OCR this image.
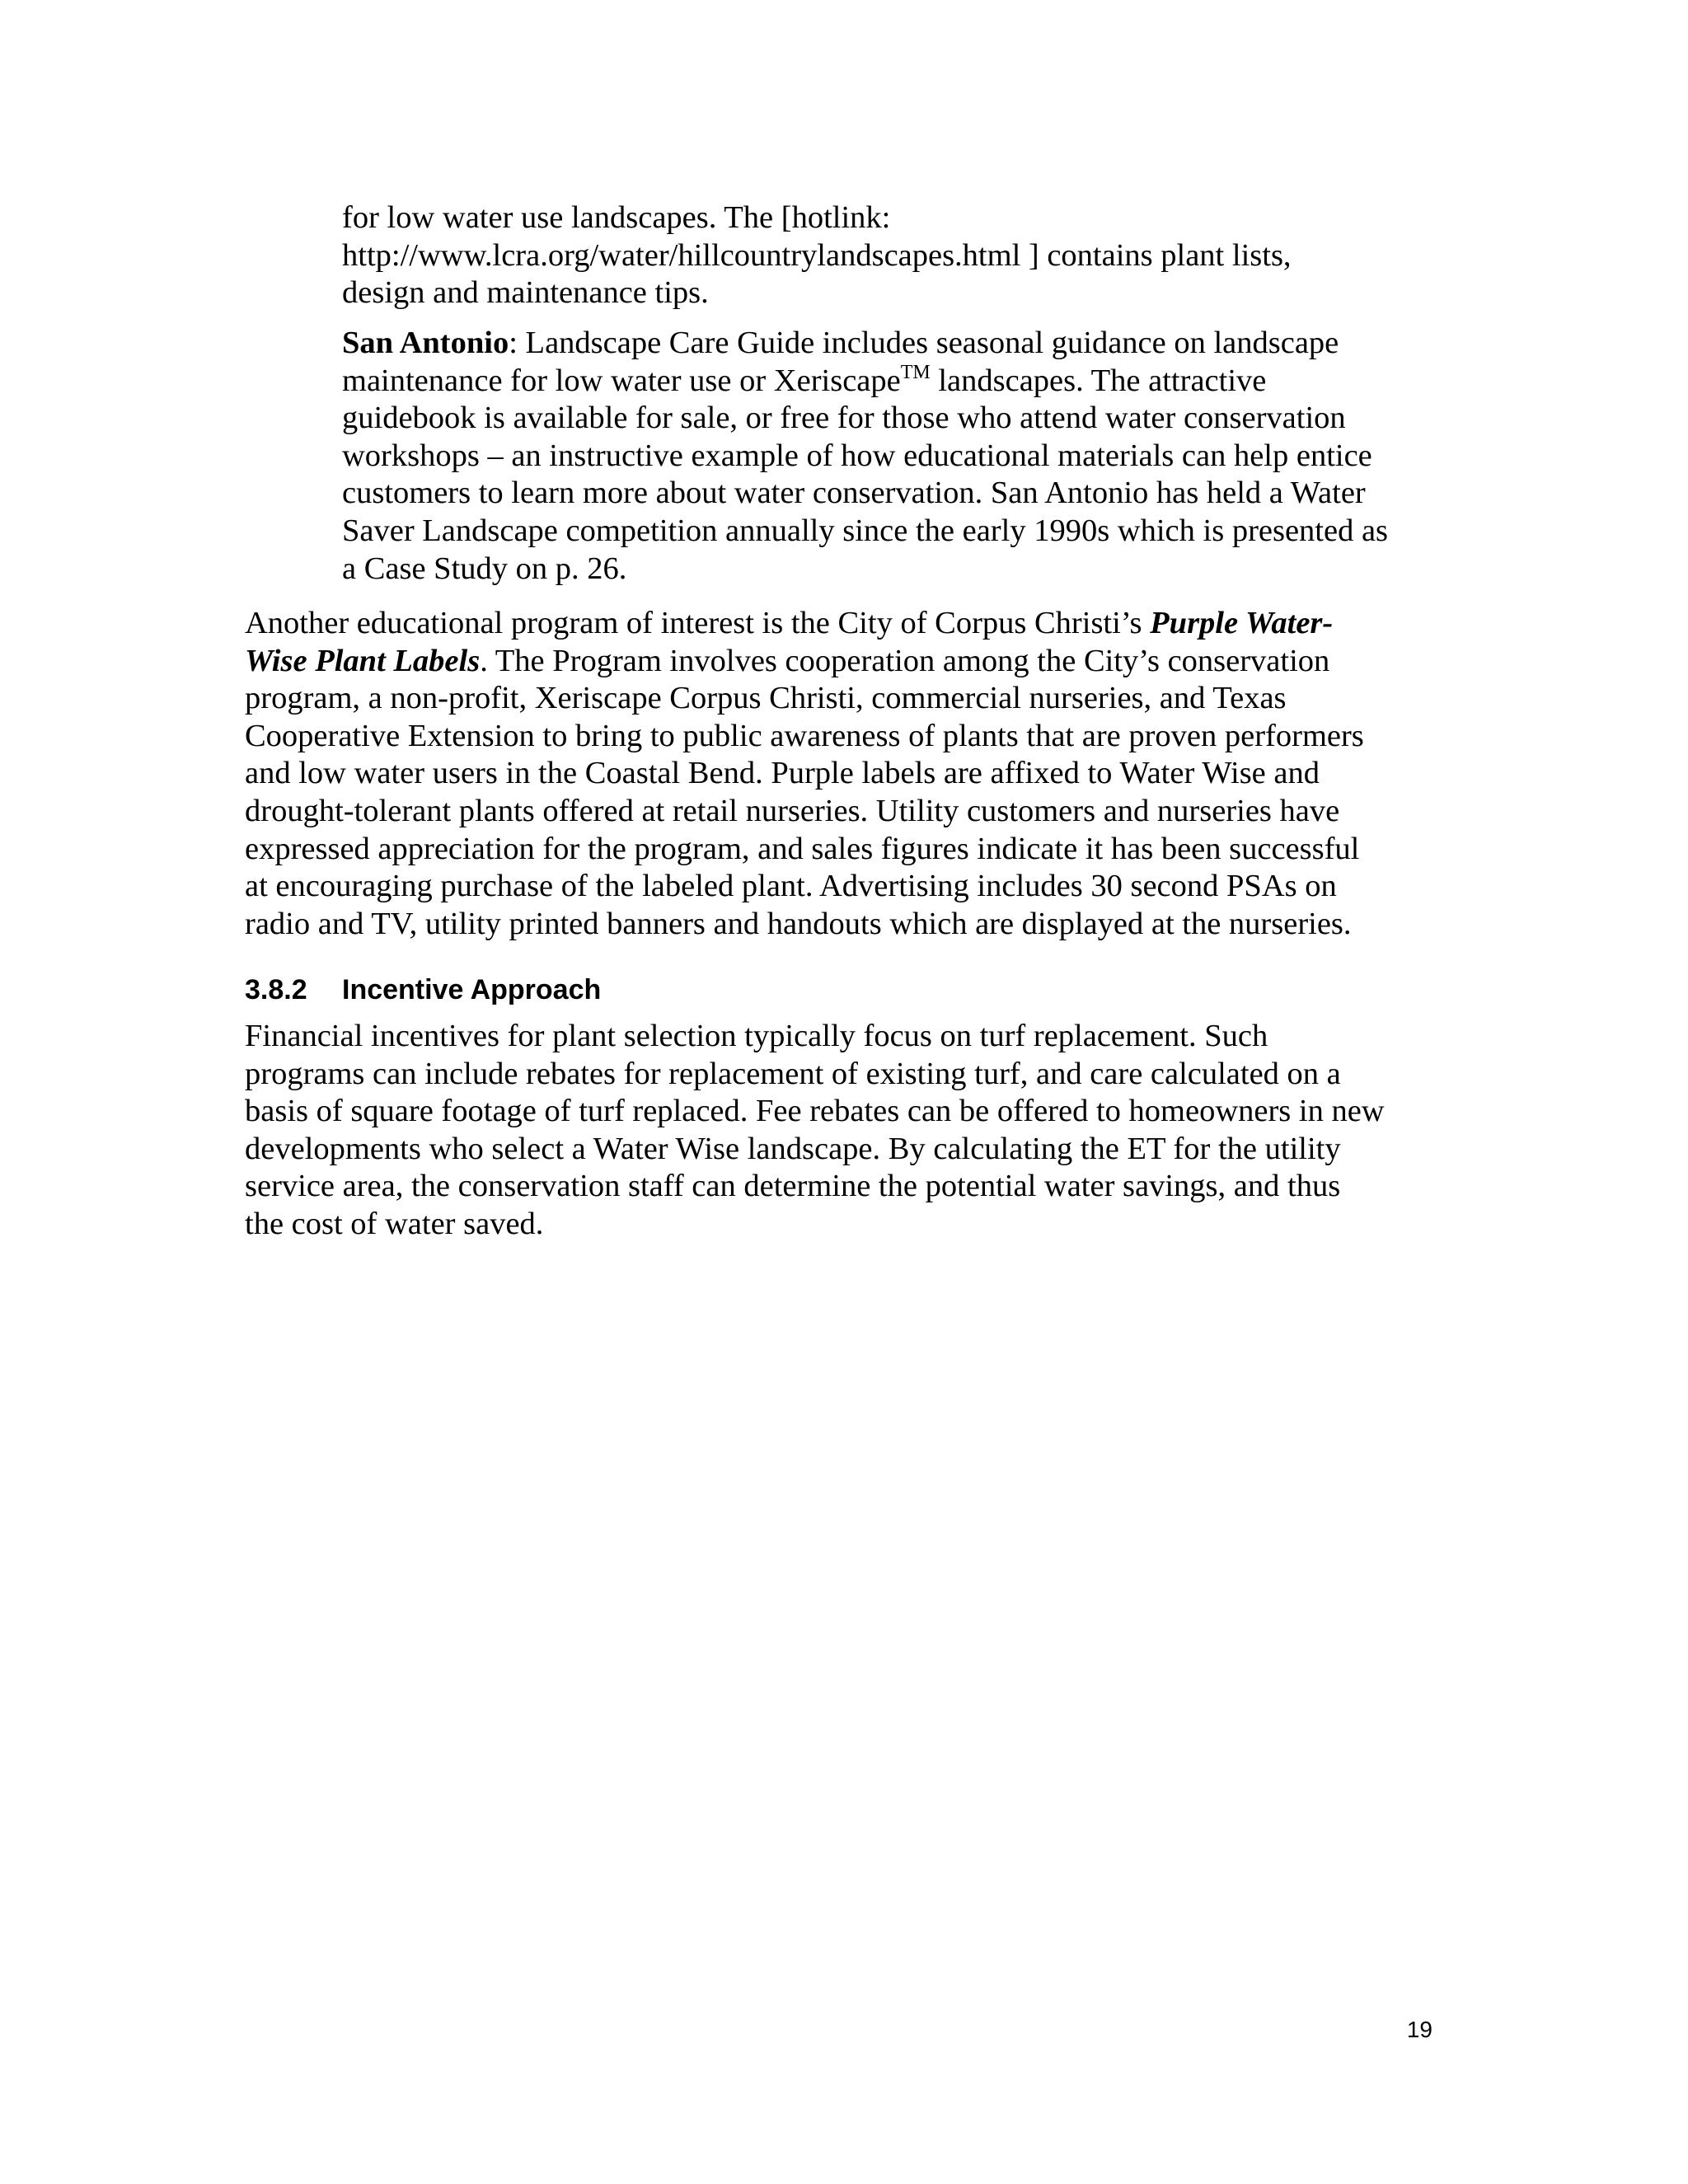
for low water use landscapes. The [hotlink:
http://www.lcra.org/water/hillcountrylandscapes.html ] contains plant lists,
design and maintenance tips.
San Antonio: Landscape Care Guide includes seasonal guidance on landscape
maintenance for low water use or Xeriscape™ landscapes. The attractive
guidebook is available for sale, or free for those who attend water conservation
workshops – an instructive example of how educational materials can help entice
customers to learn more about water conservation. San Antonio has held a Water
Saver Landscape competition annually since the early 1990s which is presented as
a Case Study on p. 26.
Another educational program of interest is the City of Corpus Christi’s Purple Water-
Wise Plant Labels. The Program involves cooperation among the City’s conservation
program, a non-profit, Xeriscape Corpus Christi, commercial nurseries, and Texas
Cooperative Extension to bring to public awareness of plants that are proven performers
and low water users in the Coastal Bend. Purple labels are affixed to Water Wise and
drought-tolerant plants offered at retail nurseries. Utility customers and nurseries have
expressed appreciation for the program, and sales figures indicate it has been successful
at encouraging purchase of the labeled plant. Advertising includes 30 second PSAs on
radio and TV, utility printed banners and handouts which are displayed at the nurseries.
3.8.2 Incentive Approach
Financial incentives for plant selection typically focus on turf replacement. Such
programs can include rebates for replacement of existing turf, and care calculated on a
basis of square footage of turf replaced. Fee rebates can be offered to homeowners in new
developments who select a Water Wise landscape. By calculating the ET for the utility
service area, the conservation staff can determine the potential water savings, and thus
the cost of water saved.
19
